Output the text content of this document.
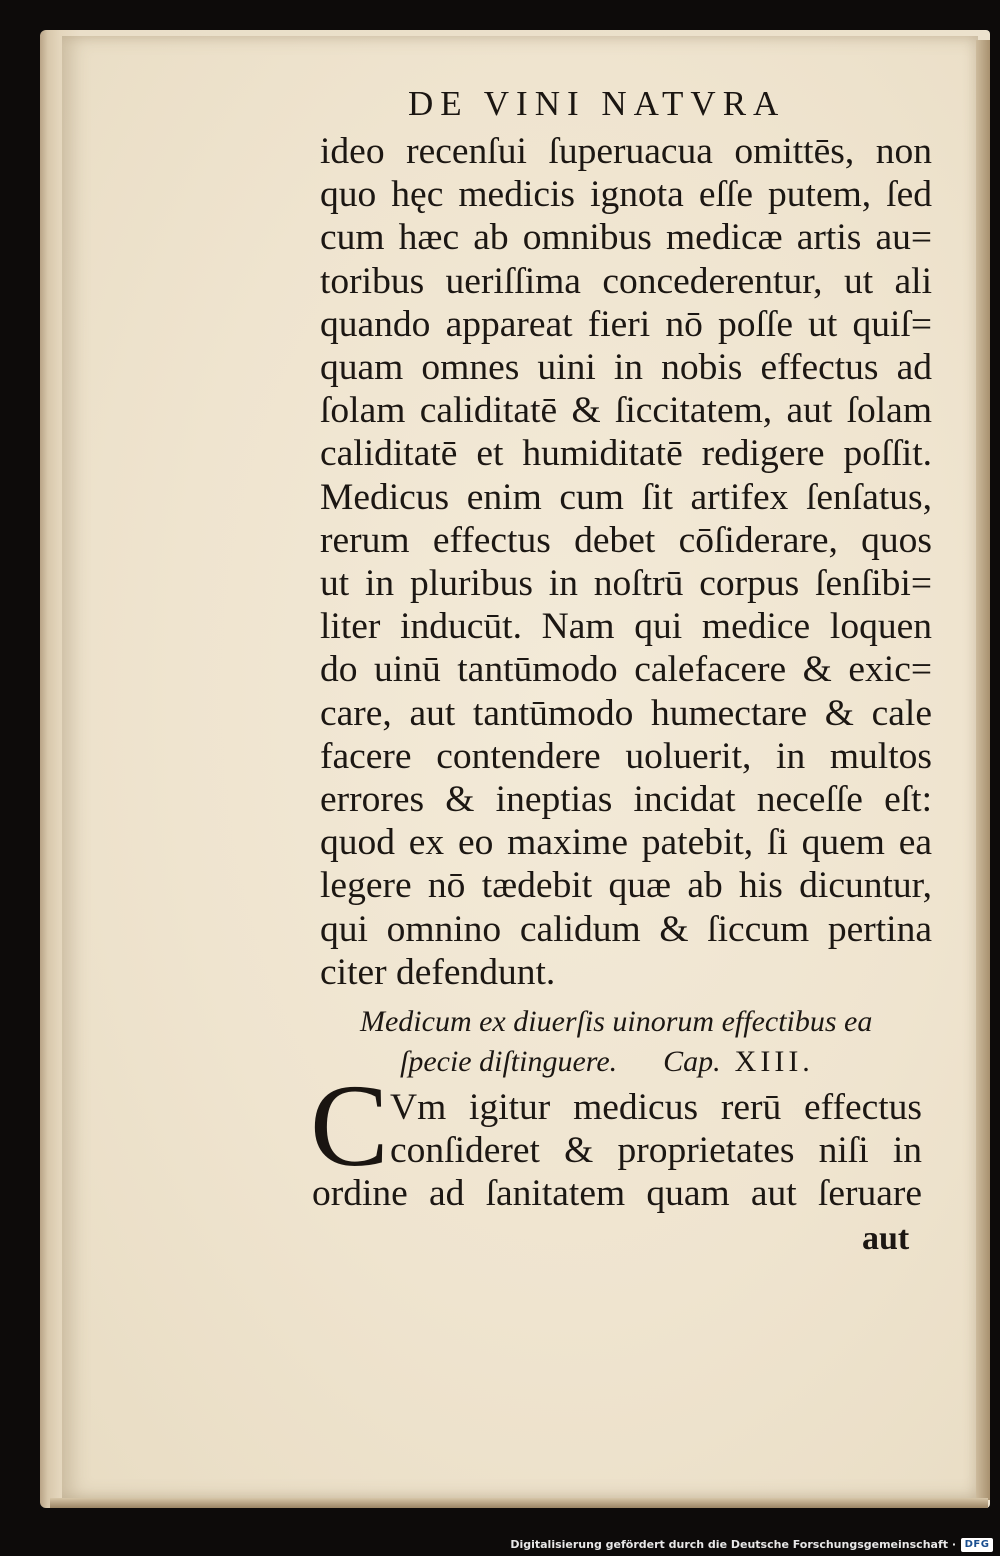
DE VINI NATVRA
ideo recenſui ſuperuacua omittēs, non
quo hęc medicis ignota eſſe putem, ſed
cum hæc ab omnibus medicæ artis au=
toribus ueriſſima concederentur, ut ali
quando appareat fieri nō poſſe ut quiſ=
quam omnes uini in nobis effectus ad
ſolam caliditatē & ſiccitatem, aut ſolam
caliditatē et humiditatē redigere poſſit.
Medicus enim cum ſit artifex ſenſatus,
rerum effectus debet cōſiderare, quos
ut in pluribus in noſtrū corpus ſenſibi=
liter inducūt. Nam qui medice loquen
do uinū tantūmodo calefacere & exic=
care, aut tantūmodo humectare & cale
facere contendere uoluerit, in multos
errores & ineptias incidat neceſſe eſt:
quod ex eo maxime patebit, ſi quem ea
legere nō tædebit quæ ab his dicuntur,
qui omnino calidum & ſiccum pertina
citer defendunt.
Medicum ex diuerſis uinorum effectibus ea
ſpecie diſtinguere. Cap. XIII.
C Vm igitur medicus rerū effectus
conſideret & proprietates niſi in
ordine ad ſanitatem quam aut ſeruare
aut
Digitalisierung gefördert durch die Deutsche Forschungsgemeinschaft · DFG
